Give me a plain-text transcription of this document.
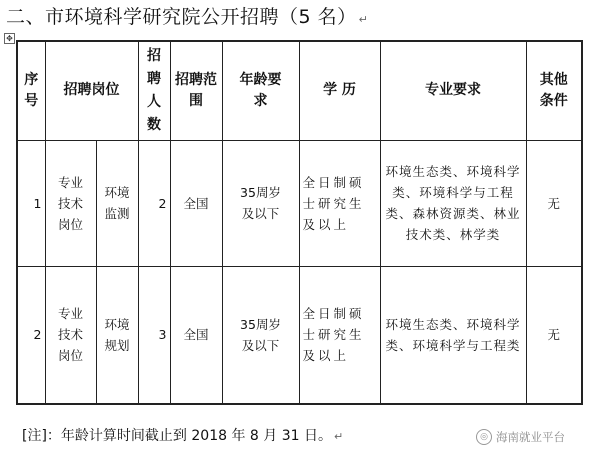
二、市环境科学研究院公开招聘（5 名） ↵
✥
序号	招聘岗位		招聘人数	招聘范围	年龄要求	学 历	专业要求	其他条件
1	专业技术岗位	环境监测	2	全国	35周岁及以下	全日制硕士研究生及以上	环境生态类、环境科学类、环境科学与工程类、森林资源类、林业技术类、林学类	无
2	专业技术岗位	环境规划	3	全国	35周岁及以下	全日制硕士研究生及以上	环境生态类、环境科学类、环境科学与工程类	无
[注]：年龄计算时间截止到 2018 年 8 月 31 日。 ↵	◎ 海南就业平台
